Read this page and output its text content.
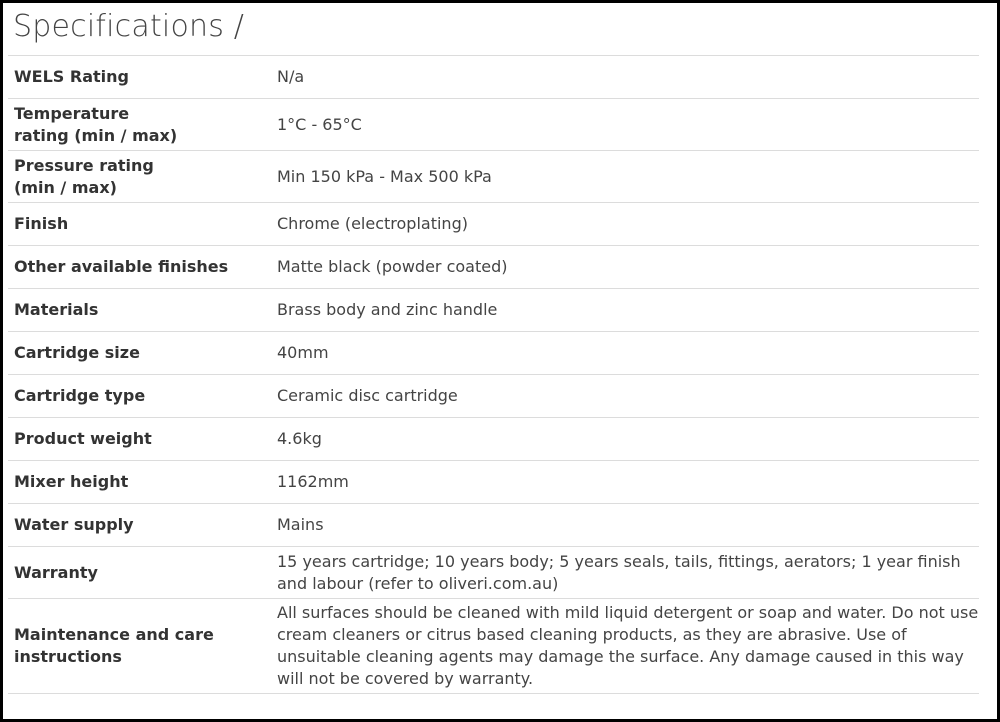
Specifications /
WELS Rating	N/a

Temperature rating (min / max)	1°C - 65°C

Pressure rating (min / max)	Min 150 kPa - Max 500 kPa
Finish	Chrome (electroplating)
Other available finishes	Matte black (powder coated)
Materials	Brass body and zinc handle
Cartridge size	40mm
Cartridge type	Ceramic disc cartridge
Product weight	4.6kg
Mixer height	1162mm
Water supply	Mains
Warranty	15 years cartridge; 10 years body; 5 years seals, tails, fittings, aerators; 1 year finish and labour (refer to oliveri.com.au)

Maintenance and care instructions	All surfaces should be cleaned with mild liquid detergent or soap and water. Do not use cream cleaners or citrus based cleaning products, as they are abrasive. Use of unsuitable cleaning agents may damage the surface. Any damage caused in this way will not be covered by warranty.
